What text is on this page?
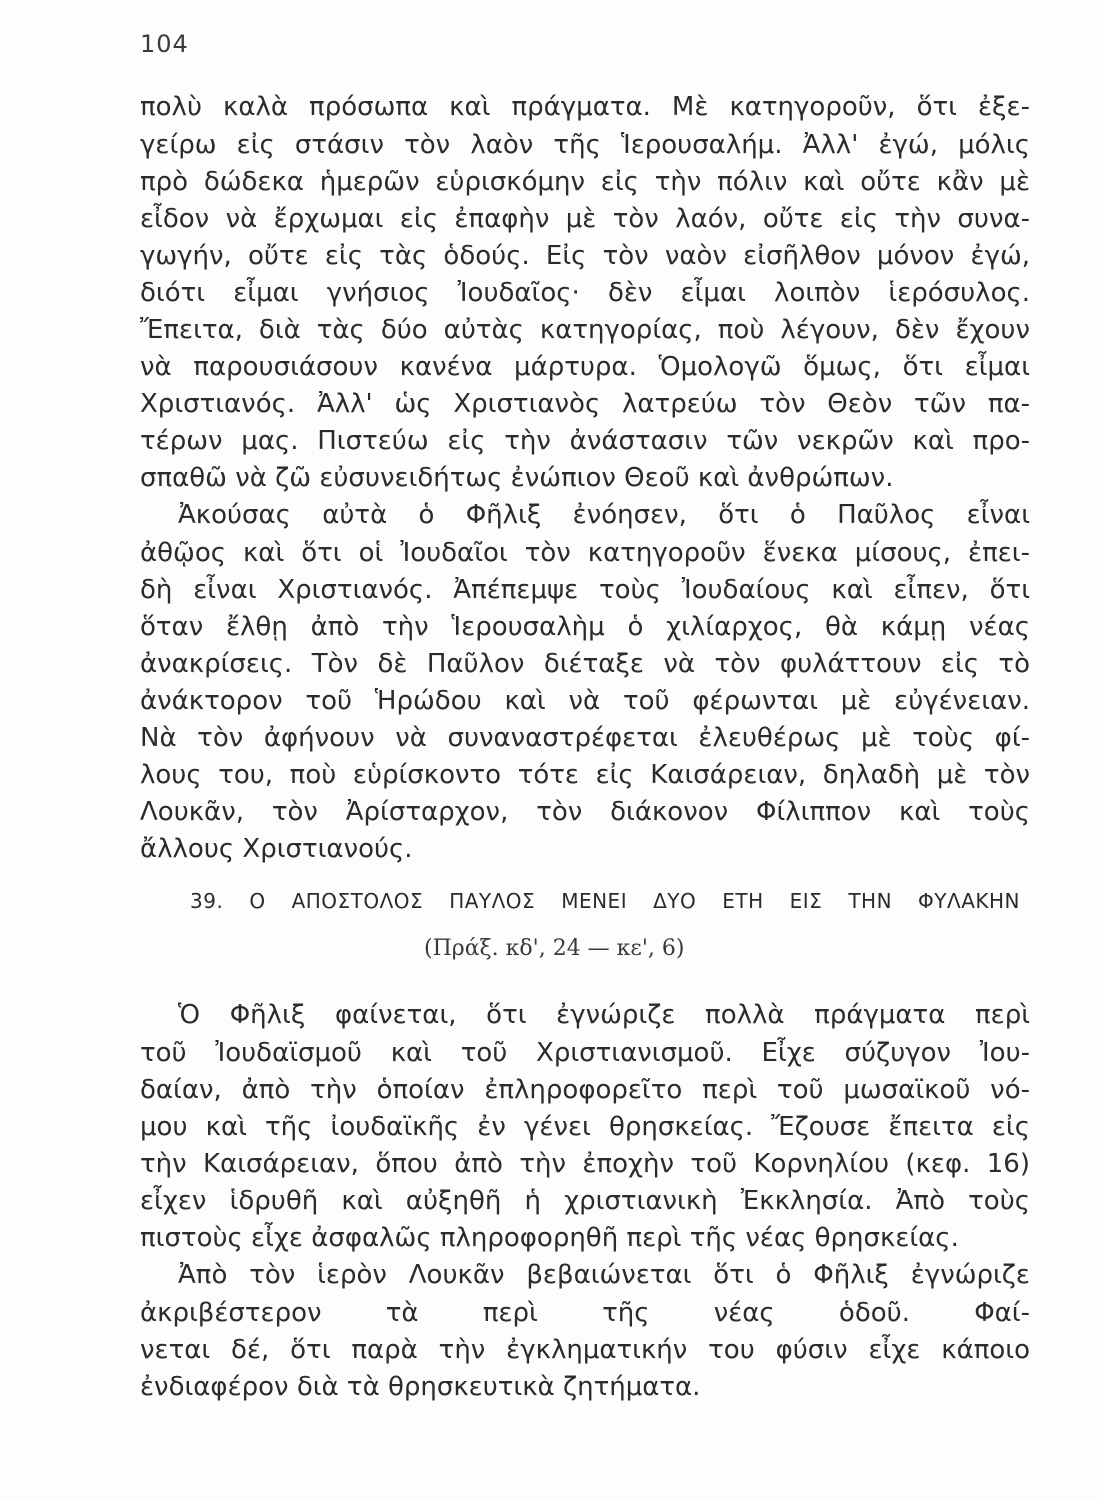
104
πολὺ καλὰ πρόσωπα καὶ πράγματα. Μὲ κατηγοροῦν, ὅτι ἐξε-
γείρω εἰς στάσιν τὸν λαὸν τῆς Ἱερουσαλήμ. Ἀλλ' ἐγώ, μόλις
πρὸ δώδεκα ἡμερῶν εὑρισκόμην εἰς τὴν πόλιν καὶ οὔτε κἂν μὲ
εἶδον νὰ ἔρχωμαι εἰς ἐπαφὴν μὲ τὸν λαόν, οὔτε εἰς τὴν συνα-
γωγήν, οὔτε εἰς τὰς ὁδούς. Εἰς τὸν ναὸν εἰσῆλθον μόνον ἐγώ,
διότι εἶμαι γνήσιος Ἰουδαῖος· δὲν εἶμαι λοιπὸν ἱερόσυλος.
Ἔπειτα, διὰ τὰς δύο αὐτὰς κατηγορίας, ποὺ λέγουν, δὲν ἔχουν
νὰ παρουσιάσουν κανένα μάρτυρα. Ὁμολογῶ ὅμως, ὅτι εἶμαι
Χριστιανός. Ἀλλ' ὡς Χριστιανὸς λατρεύω τὸν Θεὸν τῶν πα-
τέρων μας. Πιστεύω εἰς τὴν ἀνάστασιν τῶν νεκρῶν καὶ προ-
σπαθῶ νὰ ζῶ εὐσυνειδήτως ἐνώπιον Θεοῦ καὶ ἀνθρώπων.
Ἀκούσας αὐτὰ ὁ Φῆλιξ ἐνόησεν, ὅτι ὁ Παῦλος εἶναι
ἀθῷος καὶ ὅτι οἱ Ἰουδαῖοι τὸν κατηγοροῦν ἕνεκα μίσους, ἐπει-
δὴ εἶναι Χριστιανός. Ἀπέπεμψε τοὺς Ἰουδαίους καὶ εἶπεν, ὅτι
ὅταν ἔλθῃ ἀπὸ τὴν Ἱερουσαλὴμ ὁ χιλίαρχος, θὰ κάμῃ νέας
ἀνακρίσεις. Τὸν δὲ Παῦλον διέταξε νὰ τὸν φυλάττουν εἰς τὸ
ἀνάκτορον τοῦ Ἡρώδου καὶ νὰ τοῦ φέρωνται μὲ εὐγένειαν.
Νὰ τὸν ἀφήνουν νὰ συναναστρέφεται ἐλευθέρως μὲ τοὺς φί-
λους του, ποὺ εὑρίσκοντο τότε εἰς Καισάρειαν, δηλαδὴ μὲ τὸν
Λουκᾶν, τὸν Ἀρίσταρχον, τὸν διάκονον Φίλιππον καὶ τοὺς
ἄλλους Χριστιανούς.
39. Ο ΑΠΟΣΤΟΛΟΣ ΠΑΥΛΟΣ ΜΕΝΕΙ ΔΥΟ ΕΤΗ ΕΙΣ ΤΗΝ ΦΥΛΑΚΗΝ
(Πράξ. κδ', 24 — κε', 6)
Ὁ Φῆλιξ φαίνεται, ὅτι ἐγνώριζε πολλὰ πράγματα περὶ
τοῦ Ἰουδαϊσμοῦ καὶ τοῦ Χριστιανισμοῦ. Εἶχε σύζυγον Ἰου-
δαίαν, ἀπὸ τὴν ὁποίαν ἐπληροφορεῖτο περὶ τοῦ μωσαϊκοῦ νό-
μου καὶ τῆς ἰουδαϊκῆς ἐν γένει θρησκείας. Ἔζουσε ἔπειτα εἰς
τὴν Καισάρειαν, ὅπου ἀπὸ τὴν ἐποχὴν τοῦ Κορνηλίου (κεφ. 16)
εἶχεν ἱδρυθῆ καὶ αὐξηθῆ ἡ χριστιανικὴ Ἐκκλησία. Ἀπὸ τοὺς
πιστοὺς εἶχε ἀσφαλῶς πληροφορηθῆ περὶ τῆς νέας θρησκείας.
Ἀπὸ τὸν ἱερὸν Λουκᾶν βεβαιώνεται ὅτι ὁ Φῆλιξ ἐγνώριζε
ἀκριβέστερον τὰ περὶ τῆς νέας ὁδοῦ. Φαί-
νεται δέ, ὅτι παρὰ τὴν ἐγκληματικήν του φύσιν εἶχε κάποιο
ἐνδιαφέρον διὰ τὰ θρησκευτικὰ ζητήματα.
